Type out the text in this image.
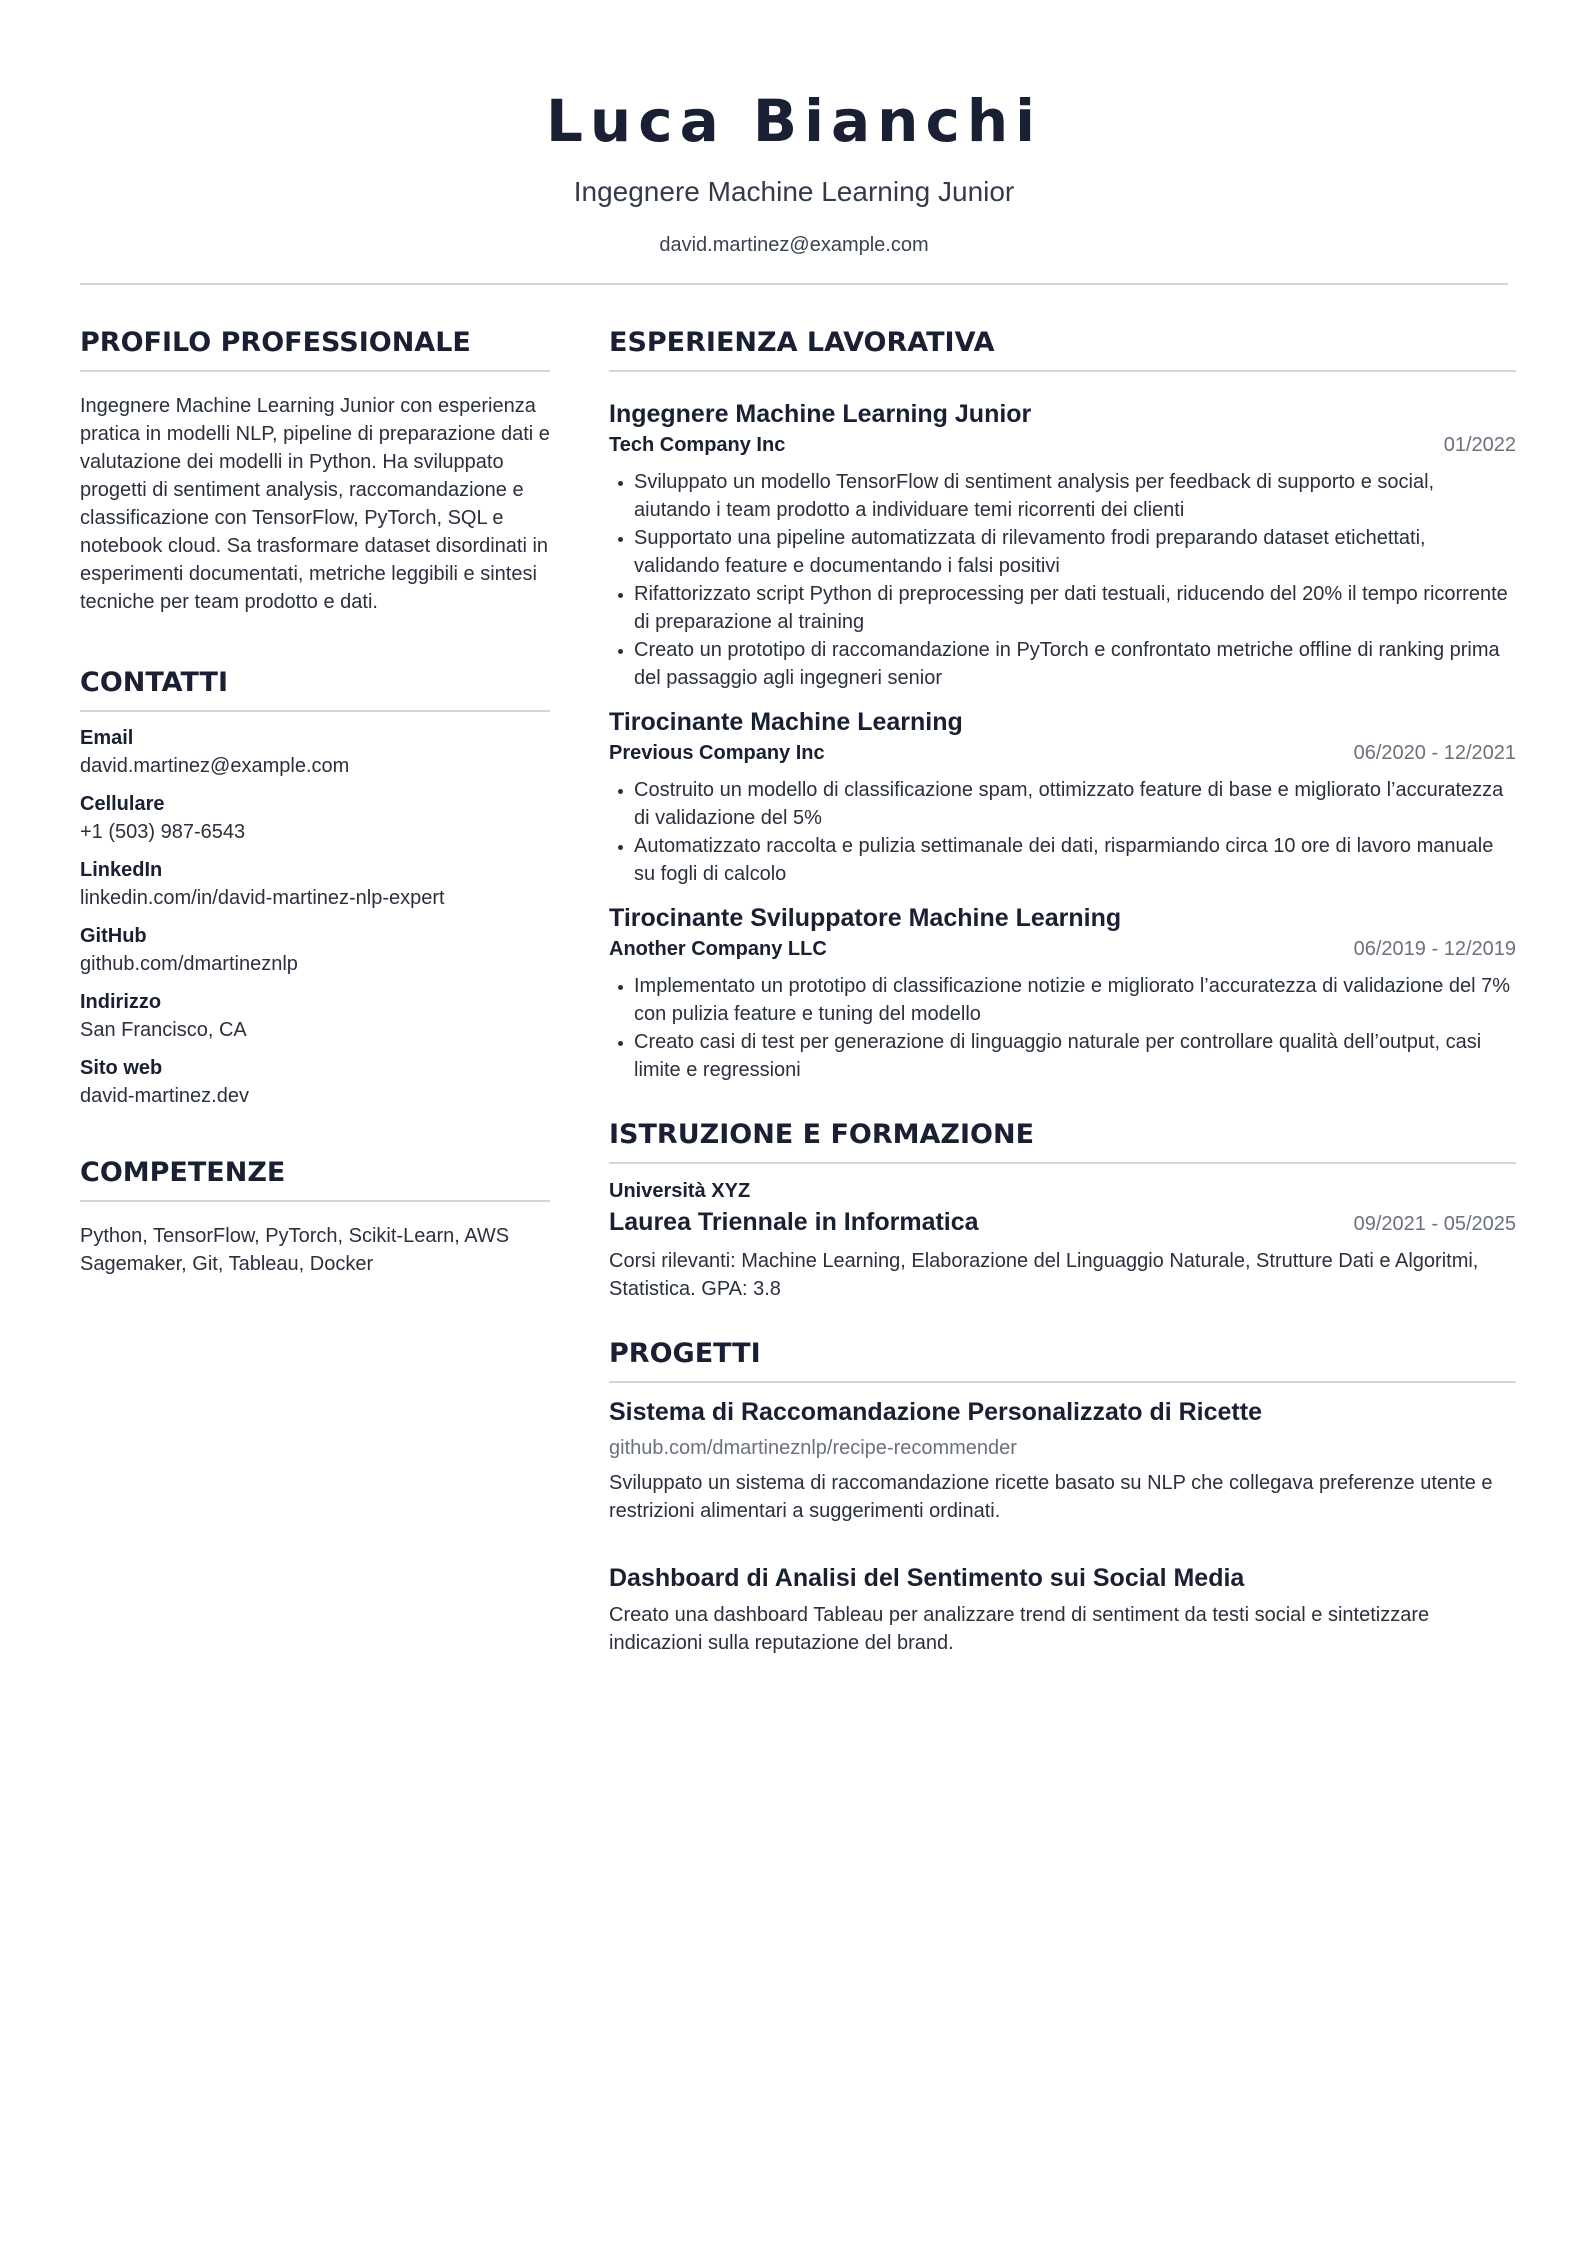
Luca Bianchi
Ingegnere Machine Learning Junior
david.martinez@example.com
PROFILO PROFESSIONALE
Ingegnere Machine Learning Junior con esperienza pratica in modelli NLP, pipeline di preparazione dati e valutazione dei modelli in Python. Ha sviluppato progetti di sentiment analysis, raccomandazione e classificazione con TensorFlow, PyTorch, SQL e notebook cloud. Sa trasformare dataset disordinati in esperimenti documentati, metriche leggibili e sintesi tecniche per team prodotto e dati.
CONTATTI
Email
david.martinez@example.com
Cellulare
+1 (503) 987-6543
LinkedIn
linkedin.com/in/david-martinez-nlp-expert
GitHub
github.com/dmartineznlp
Indirizzo
San Francisco, CA
Sito web
david-martinez.dev
COMPETENZE
Python, TensorFlow, PyTorch, Scikit-Learn, AWS Sagemaker, Git, Tableau, Docker
ESPERIENZA LAVORATIVA
Ingegnere Machine Learning Junior
Tech Company Inc	01/2022
Sviluppato un modello TensorFlow di sentiment analysis per feedback di supporto e social, aiutando i team prodotto a individuare temi ricorrenti dei clienti
Supportato una pipeline automatizzata di rilevamento frodi preparando dataset etichettati, validando feature e documentando i falsi positivi
Rifattorizzato script Python di preprocessing per dati testuali, riducendo del 20% il tempo ricorrente di preparazione al training
Creato un prototipo di raccomandazione in PyTorch e confrontato metriche offline di ranking prima del passaggio agli ingegneri senior
Tirocinante Machine Learning
Previous Company Inc	06/2020 - 12/2021
Costruito un modello di classificazione spam, ottimizzato feature di base e migliorato l’accuratezza di validazione del 5%
Automatizzato raccolta e pulizia settimanale dei dati, risparmiando circa 10 ore di lavoro manuale su fogli di calcolo
Tirocinante Sviluppatore Machine Learning
Another Company LLC	06/2019 - 12/2019
Implementato un prototipo di classificazione notizie e migliorato l’accuratezza di validazione del 7% con pulizia feature e tuning del modello
Creato casi di test per generazione di linguaggio naturale per controllare qualità dell’output, casi limite e regressioni
ISTRUZIONE E FORMAZIONE
Università XYZ
Laurea Triennale in Informatica	09/2021 - 05/2025
Corsi rilevanti: Machine Learning, Elaborazione del Linguaggio Naturale, Strutture Dati e Algoritmi, Statistica. GPA: 3.8
PROGETTI
Sistema di Raccomandazione Personalizzato di Ricette
github.com/dmartineznlp/recipe-recommender
Sviluppato un sistema di raccomandazione ricette basato su NLP che collegava preferenze utente e restrizioni alimentari a suggerimenti ordinati.
Dashboard di Analisi del Sentimento sui Social Media
Creato una dashboard Tableau per analizzare trend di sentiment da testi social e sintetizzare indicazioni sulla reputazione del brand.
